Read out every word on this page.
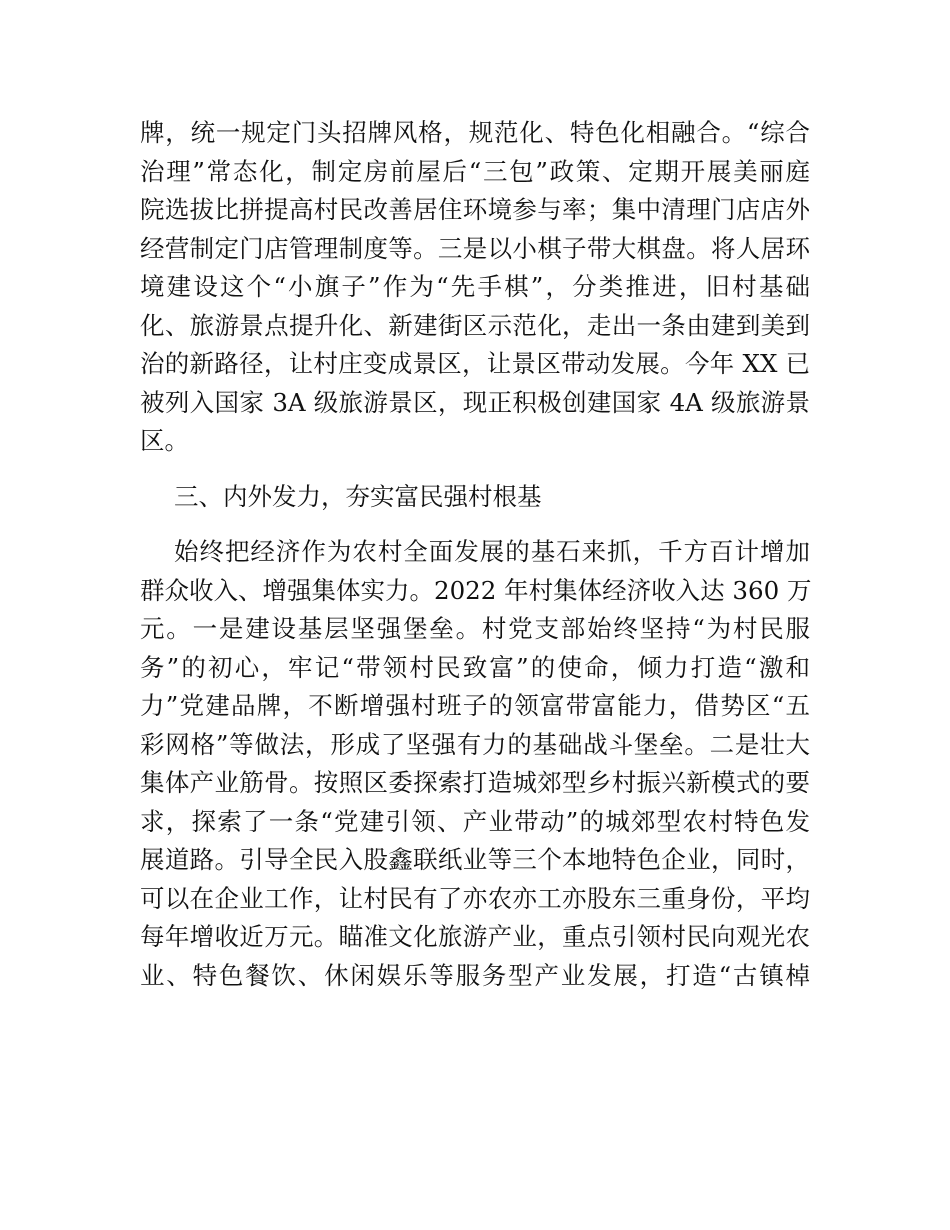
牌，统一规定门头招牌风格，规范化、特色化相融合。“综合
治理”常态化，制定房前屋后“三包”政策、定期开展美丽庭
院选拔比拼提高村民改善居住环境参与率；集中清理门店店外
经营制定门店管理制度等。三是以小棋子带大棋盘。将人居环
境建设这个“小旗子”作为“先手棋”，分类推进，旧村基础
化、旅游景点提升化、新建街区示范化，走出一条由建到美到
治的新路径，让村庄变成景区，让景区带动发展。今年 XX 已
被列入国家 3A 级旅游景区，现正积极创建国家 4A 级旅游景
区。
三、内外发力，夯实富民强村根基
始终把经济作为农村全面发展的基石来抓，千方百计增加
群众收入、增强集体实力。2022 年村集体经济收入达 360 万
元。一是建设基层坚强堡垒。村党支部始终坚持“为村民服
务”的初心，牢记“带领村民致富”的使命，倾力打造“激和
力”党建品牌，不断增强村班子的领富带富能力，借势区“五
彩网格”等做法，形成了坚强有力的基础战斗堡垒。二是壮大
集体产业筋骨。按照区委探索打造城郊型乡村振兴新模式的要
求，探索了一条“党建引领、产业带动”的城郊型农村特色发
展道路。引导全民入股鑫联纸业等三个本地特色企业，同时，
可以在企业工作，让村民有了亦农亦工亦股东三重身份，平均
每年增收近万元。瞄准文化旅游产业，重点引领村民向观光农
业、特色餐饮、休闲娱乐等服务型产业发展，打造“古镇棹
